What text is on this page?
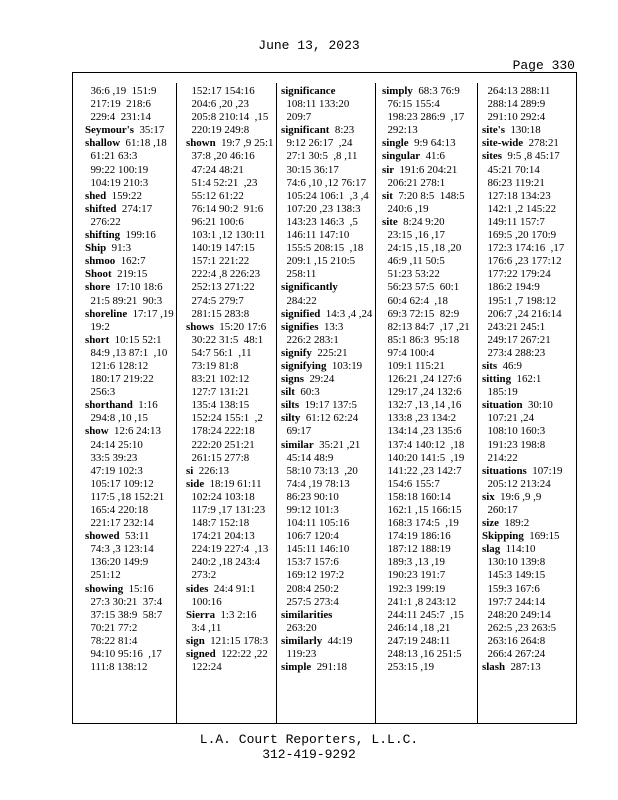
June 13, 2023
Page 330
36:6 ,19  151:9
217:19  218:6
229:4  231:14
Seymour's  35:17
shallow  61:18 ,18
61:21 63:3
99:22 100:19
104:19 210:3
shed  159:22
shifted  274:17
276:22
shifting  199:16
Ship  91:3
shmoo  162:7
Shoot  219:15
shore  17:10 18:6
21:5 89:21  90:3
shoreline  17:17 ,19
19:2
short  10:15 52:1
84:9 ,13 87:1  ,10
121:6 128:12
180:17 219:22
256:3
shorthand  1:16
294:8 ,10 ,15
show  12:6 24:13
24:14 25:10
33:5 39:23
47:19 102:3
105:17 109:12
117:5 ,18 152:21
165:4 220:18
221:17 232:14
showed  53:11
74:3 ,3 123:14
136:20 149:9
251:12
showing  15:16
27:3 30:21  37:4
37:15 38:9  58:7
70:21 77:2
78:22 81:4
94:10 95:16  ,17
111:8 138:12
152:17 154:16
204:6 ,20 ,23
205:8 210:14  ,15
220:19 249:8
shown  19:7 ,9 25:1
37:8 ,20 46:16
47:24 48:21
51:4 52:21  ,23
55:12 61:22
76:14 90:2  91:6
96:21 100:6
103:1 ,12 130:11
140:19 147:15
157:1 221:22
222:4 ,8 226:23
252:13 271:22
274:5 279:7
281:15 283:8
shows  15:20 17:6
30:22 31:5  48:1
54:7 56:1  ,11
73:19 81:8
83:21 102:12
127:7 131:21
135:4 138:15
152:24 155:1  ,2
178:24 222:18
222:20 251:21
261:15 277:8
si  226:13
side  18:19 61:11
102:24 103:18
117:9 ,17 131:23
148:7 152:18
174:21 204:13
224:19 227:4  ,13
240:2 ,18 243:4
273:2
sides  24:4 91:1
100:16
Sierra  1:3 2:16
3:4 ,11
sign  121:15 178:3
signed  122:22 ,22
122:24
significance
108:11 133:20
209:7
significant  8:23
9:12 26:17  ,24
27:1 30:5  ,8 ,11
30:15 36:17
74:6 ,10 ,12 76:17
105:24 106:1  ,3 ,4
107:20 ,23 138:3
143:23 146:3  ,5
146:11 147:10
155:5 208:15  ,18
209:1 ,15 210:5
258:11
significantly
284:22
signified  14:3 ,4 ,24
signifies  13:3
226:2 283:1
signify  225:21
signifying  103:19
signs  29:24
silt  60:3
silts  19:17 137:5
silty  61:12 62:24
69:17
similar  35:21 ,21
45:14 48:9
58:10 73:13  ,20
74:4 ,19 78:13
86:23 90:10
99:12 101:3
104:11 105:16
106:7 120:4
145:11 146:10
153:7 157:6
169:12 197:2
208:4 250:2
257:5 273:4
similarities
263:20
similarly  44:19
119:23
simple  291:18
simply  68:3 76:9
76:15 155:4
198:23 286:9  ,17
292:13
single  9:9 64:13
singular  41:6
sir  191:6 204:21
206:21 278:1
sit  7:20 8:5  148:5
240:6 ,19
site  8:24 9:20
23:15 ,16 ,17
24:15 ,15 ,18 ,20
46:9 ,11 50:5
51:23 53:22
56:23 57:5  60:1
60:4 62:4  ,18
69:3 72:15  82:9
82:13 84:7  ,17 ,21
85:1 86:3  95:18
97:4 100:4
109:1 115:21
126:21 ,24 127:6
129:17 ,24 132:6
132:7 ,13 ,14 ,16
133:8 ,23 134:2
134:14 ,23 135:6
137:4 140:12  ,18
140:20 141:5  ,19
141:22 ,23 142:7
154:6 155:7
158:18 160:14
162:1 ,15 166:15
168:3 174:5  ,19
174:19 186:16
187:12 188:19
189:3 ,13 ,19
190:23 191:7
192:3 199:19
241:1 ,8 243:12
244:11 245:7  ,15
246:14 ,18 ,21
247:19 248:11
248:13 ,16 251:5
253:15 ,19
264:13 288:11
288:14 289:9
291:10 292:4
site's  130:18
site-wide  278:21
sites  9:5 ,8 45:17
45:21 70:14
86:23 119:21
127:18 134:23
142:1 ,2 145:22
149:11 157:7
169:5 ,20 170:9
172:3 174:16  ,17
176:6 ,23 177:12
177:22 179:24
186:2 194:9
195:1 ,7 198:12
206:7 ,24 216:14
243:21 245:1
249:17 267:21
273:4 288:23
sits  46:9
sitting  162:1
185:19
situation  30:10
107:21 ,24
108:10 160:3
191:23 198:8
214:22
situations  107:19
205:12 213:24
six  19:6 ,9 ,9
260:17
size  189:2
Skipping  169:15
slag  114:10
130:10 139:8
145:3 149:15
159:3 167:6
197:7 244:14
248:20 249:14
262:5 ,23 263:5
263:16 264:8
266:4 267:24
slash  287:13
L.A. Court Reporters, L.L.C.
312-419-9292
